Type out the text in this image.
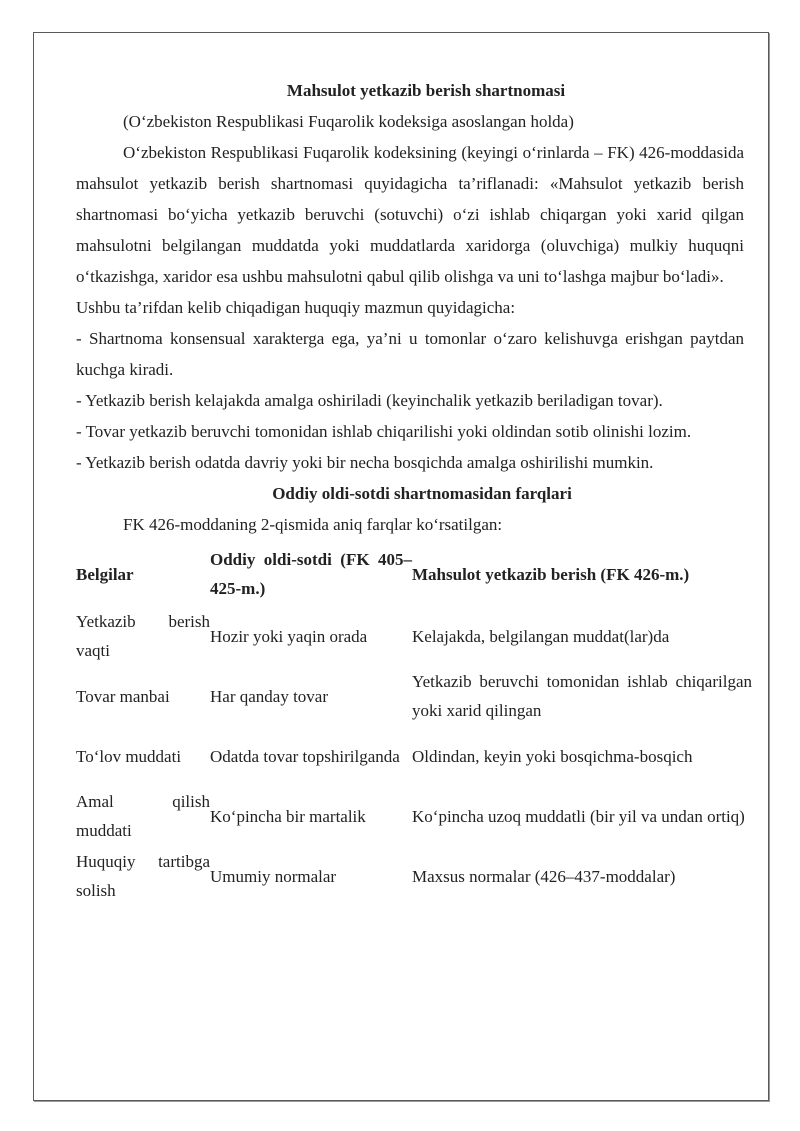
Mahsulot yetkazib berish shartnomasi

(O‘zbekiston Respublikasi Fuqarolik kodeksiga asoslangan holda)

O‘zbekiston Respublikasi Fuqarolik kodeksining (keyingi o‘rinlarda – FK) 426-moddasida mahsulot yetkazib berish shartnomasi quyidagicha ta’riflanadi: «Mahsulot yetkazib berish shartnomasi bo‘yicha yetkazib beruvchi (sotuvchi) o‘zi ishlab chiqargan yoki xarid qilgan mahsulotni belgilangan muddatda yoki muddatlarda xaridorga (oluvchiga) mulkiy huquqni o‘tkazishga, xaridor esa ushbu mahsulotni qabul qilib olishga va uni to‘lashga majbur bo‘ladi».

Ushbu ta’rifdan kelib chiqadigan huquqiy mazmun quyidagicha:

- Shartnoma konsensual xarakterga ega, ya’ni u tomonlar o‘zaro kelishuvga erishgan paytdan kuchga kiradi.

- Yetkazib berish kelajakda amalga oshiriladi (keyinchalik yetkazib beriladigan tovar).

- Tovar yetkazib beruvchi tomonidan ishlab chiqarilishi yoki oldindan sotib olinishi lozim.

- Yetkazib berish odatda davriy yoki bir necha bosqichda amalga oshirilishi mumkin.

Oddiy oldi-sotdi shartnomasidan farqlari

FK 426-moddaning 2-qismida aniq farqlar ko‘rsatilgan:

Belgilar	Oddiy oldi-sotdi (FK 405–425-m.)	Mahsulot yetkazib berish (FK 426-m.)
Yetkazib berish vaqti	Hozir yoki yaqin orada	Kelajakda, belgilangan muddat(lar)da
Tovar manbai	Har qanday tovar	Yetkazib beruvchi tomonidan ishlab chiqarilgan yoki xarid qilingan
To‘lov muddati	Odatda tovar topshirilganda	Oldindan, keyin yoki bosqichma-bosqich
Amal qilish muddati	Ko‘pincha bir martalik	Ko‘pincha uzoq muddatli (bir yil va undan ortiq)
Huquqiy tartibga solish	Umumiy normalar	Maxsus normalar (426–437-moddalar)
